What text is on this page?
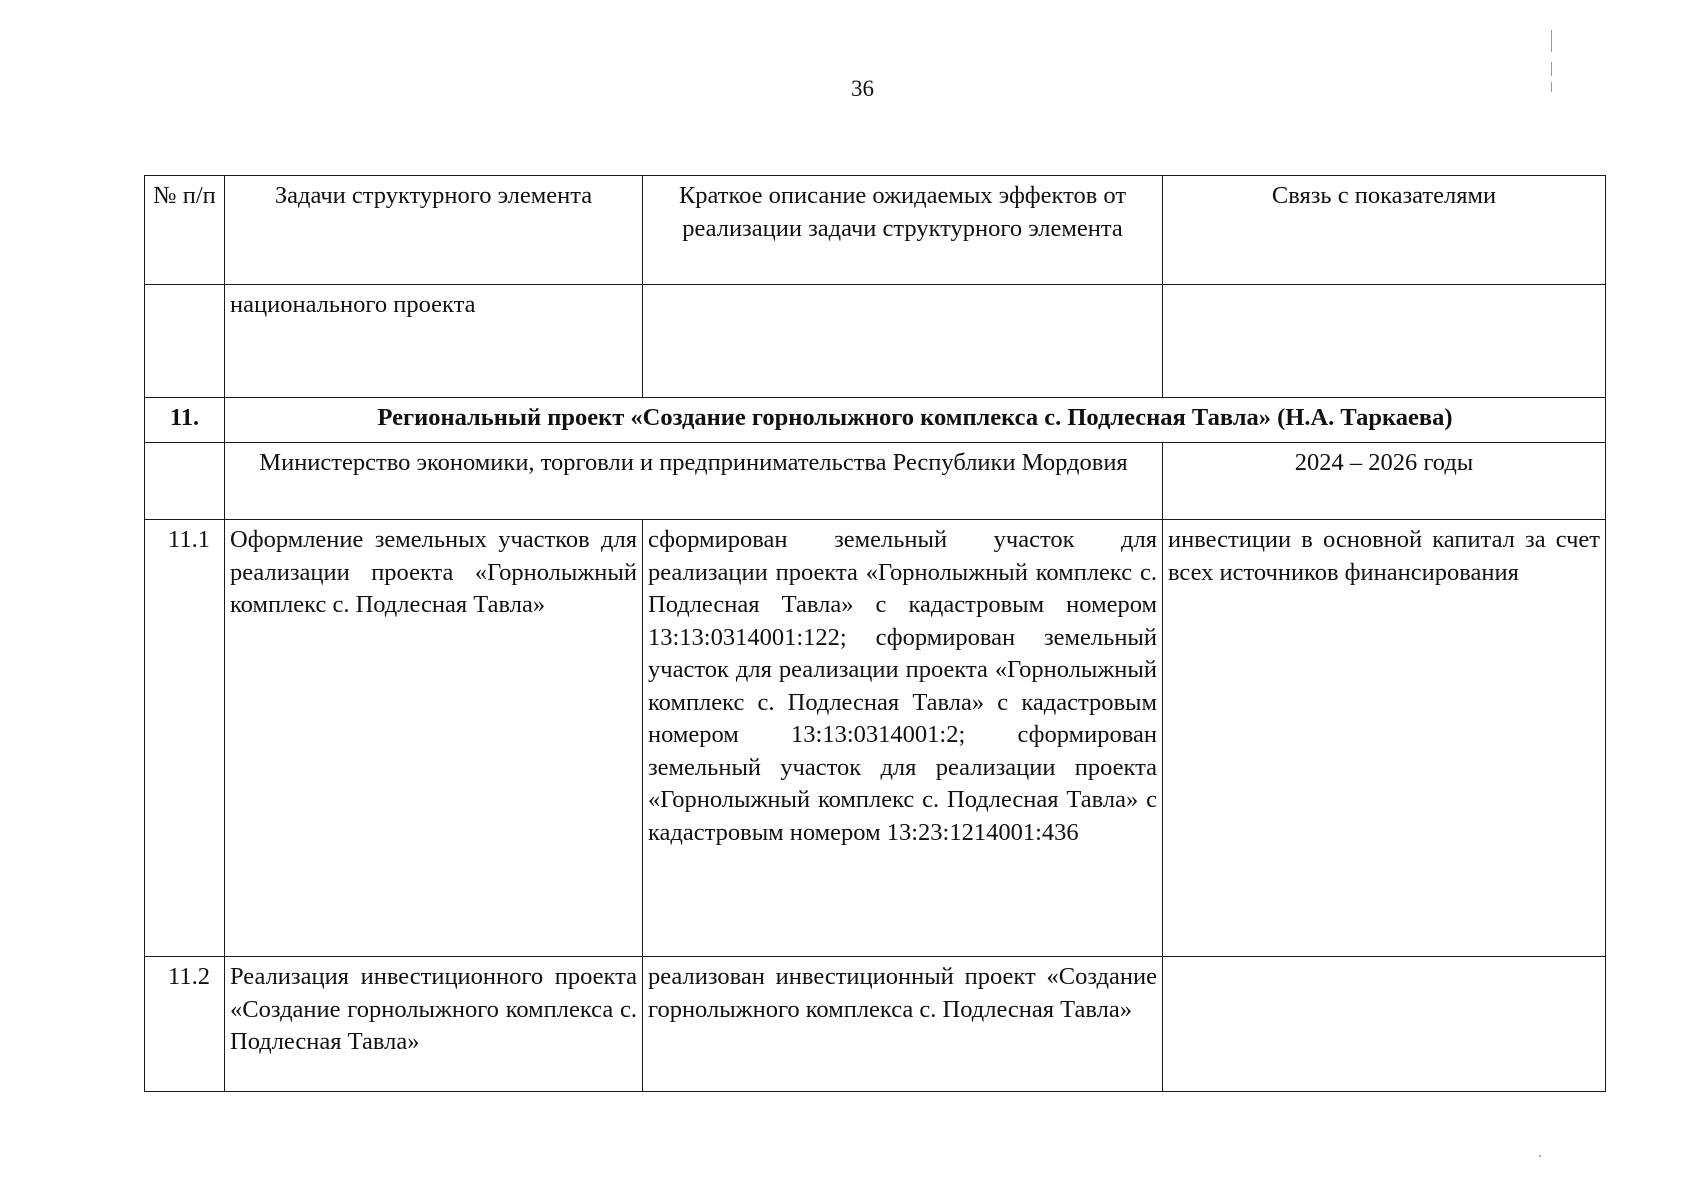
36
№ п/п	Задачи структурного элемента	Краткое описание ожидаемых эффектов от реализации задачи структурного элемента	Связь с показателями
	национального проекта		
11.	Региональный проект «Создание горнолыжного комплекса с. Подлесная Тавла» (Н.А. Таркаева)		
	Министерство экономики, торговли и предпринимательства Республики Мордовия		2024 – 2026 годы
11.1	Оформление земельных участков для реализации проекта «Горнолыжный комплекс с. Подлесная Тавла»	сформирован земельный участок для реализации проекта «Горнолыжный комплекс с. Подлесная Тавла» с кадастровым номером 13:13:0314001:122; сформирован земельный участок для реализации проекта «Горнолыжный комплекс с. Подлесная Тавла» с кадастровым номером 13:13:0314001:2; сформирован земельный участок для реализации проекта «Горнолыжный комплекс с. Подлесная Тавла» с кадастровым номером 13:23:1214001:436	инвестиции в основной капитал за счет всех источников финансирования
11.2	Реализация инвестиционного проекта «Создание горнолыжного комплекса с. Подлесная Тавла»	реализован инвестиционный проект «Создание горнолыжного комплекса с. Подлесная Тавла»	
